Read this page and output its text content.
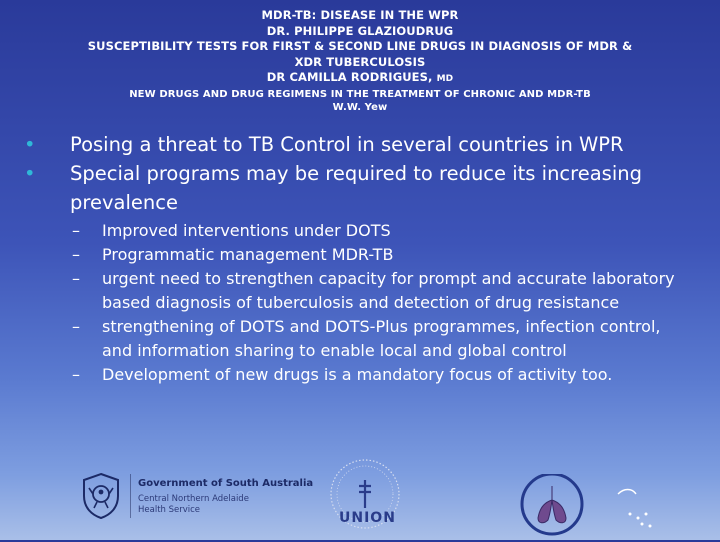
MDR-TB: DISEASE IN THE WPR
DR. PHILIPPE GLAZIOUDRUG
SUSCEPTIBILITY TESTS FOR FIRST & SECOND LINE DRUGS IN DIAGNOSIS OF MDR &
XDR TUBERCULOSIS
DR CAMILLA RODRIGUES, MD
NEW DRUGS AND DRUG REGIMENS IN THE TREATMENT OF CHRONIC AND MDR-TB
W.W. Yew
•	Posing a threat to TB Control in several countries in WPR
•	Special programs may be required to reduce its increasing prevalence
–	Improved interventions under DOTS
–	Programmatic management MDR-TB
–	urgent need to strengthen capacity for prompt and accurate laboratory based diagnosis of tuberculosis and detection of drug resistance
–	strengthening of DOTS and DOTS-Plus programmes, infection control, and information sharing to enable local and global control
–	Development of new drugs is a mandatory focus of activity too.
Government of South Australia
Central Northern Adelaide
Health Service	UNION
